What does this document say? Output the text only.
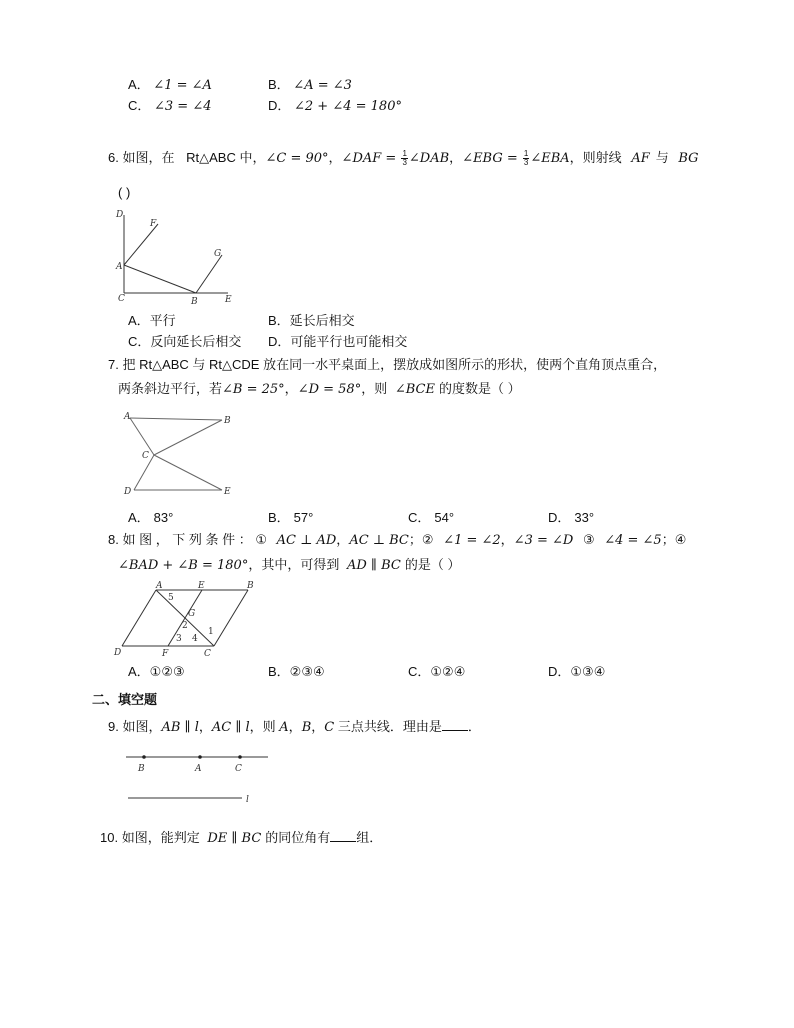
A． ∠1 = ∠A	B． ∠A = ∠3
C． ∠3 = ∠4	D． ∠2 + ∠4 = 180°
6. 如图，在 Rt△ABC 中，∠C = 90°，∠DAF = $\frac{1}{3}$ ∠DAB，∠EBG = $\frac{1}{3}$ ∠EBA，则射线 AF 与 BG
( )
D
F
A
G
C	B	E
A．平行	B．延长后相交
C．反向延长后相交 D．可能平行也可能相交
7. 把 Rt△ABC 与 Rt△CDE 放在同一水平桌面上，摆放成如图所示的形状，使两个直角顶点重合，
两条斜边平行，若∠B = 25°，∠D = 58°，则 ∠BCE 的度数是（ ）
A	B
C
D	E
A． 83°	B． 57°	C． 54°	D． 33°
8. 如 图 ， 下 列 条 件 ： ① AC ⊥ AD，AC ⊥ BC；② ∠1 = ∠2，∠3 = ∠D ③ ∠4 = ∠5；④
∠BAD + ∠B = 180°，其中，可得到 AD ∥ BC 的是（ ）
A	E	B
G
D	F	C
5
2
3 4
1
A．①②③	B．②③④	C．①②④	D．①③④
二、填空题
9. 如图，AB ∥ l，AC ∥ l，则 A，B，C 三点共线．理由是 ．
B	A	C
l
10. 如图，能判定 DE ∥ BC 的同位角有 组．
